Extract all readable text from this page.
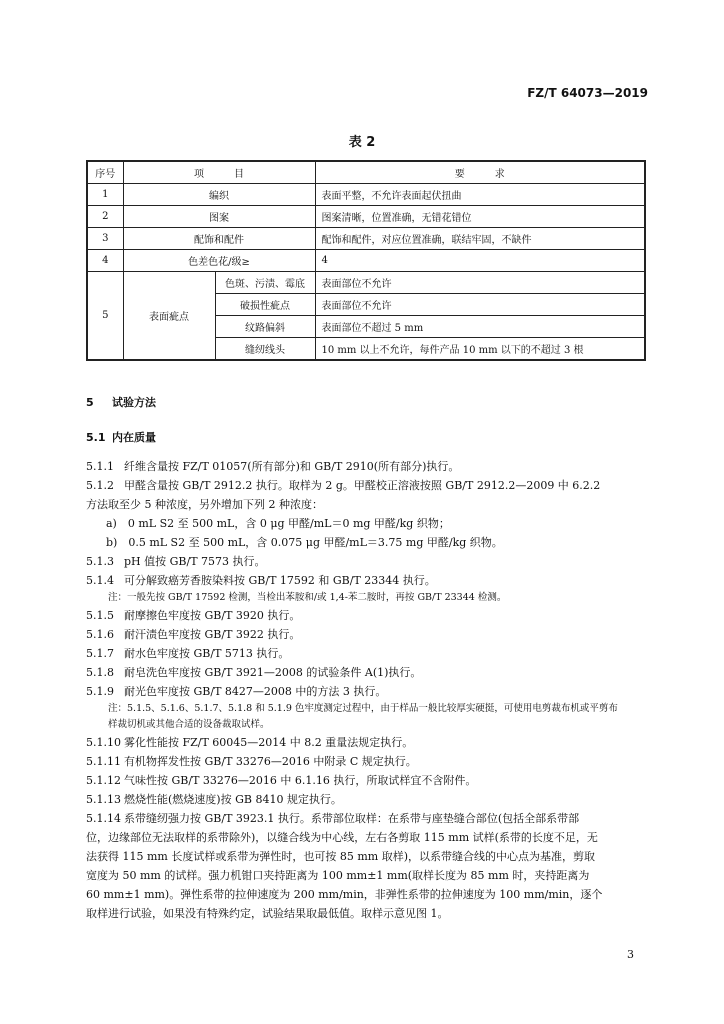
FZ/T 64073—2019
表 2
序号	项　　　目		要　　　求
1	编织		表面平整，不允许表面起伏扭曲
2	图案		图案清晰，位置准确，无错花错位
3	配饰和配件		配饰和配件，对应位置准确，联结牢固，不缺件
4	色差色花/级≥		4
5	表面疵点	色斑、污渍、霉底	表面部位不允许
		破损性疵点	表面部位不允许
		纹路偏斜	表面部位不超过 5 mm
		缝纫线头	10 mm 以上不允许，每件产品 10 mm 以下的不超过 3 根

5 试验方法

5.1 内在质量

5.1.1 纤维含量按 FZ/T 01057(所有部分)和 GB/T 2910(所有部分)执行。

5.1.2 甲醛含量按 GB/T 2912.2 执行。取样为 2 g。甲醛校正溶液按照 GB/T 2912.2—2009 中 6.2.2

方法取至少 5 种浓度，另外增加下列 2 种浓度：

a)　0 mL S2 至 500 mL，含 0 μg 甲醛/mL＝0 mg 甲醛/kg 织物；

b)　0.5 mL S2 至 500 mL，含 0.075 μg 甲醛/mL＝3.75 mg 甲醛/kg 织物。

5.1.3 pH 值按 GB/T 7573 执行。

5.1.4 可分解致癌芳香胺染料按 GB/T 17592 和 GB/T 23344 执行。

注：一般先按 GB/T 17592 检测，当检出苯胺和/或 1,4-苯二胺时，再按 GB/T 23344 检测。

5.1.5 耐摩擦色牢度按 GB/T 3920 执行。

5.1.6 耐汗渍色牢度按 GB/T 3922 执行。

5.1.7 耐水色牢度按 GB/T 5713 执行。

5.1.8 耐皂洗色牢度按 GB/T 3921—2008 的试验条件 A(1)执行。

5.1.9 耐光色牢度按 GB/T 8427—2008 中的方法 3 执行。

注：5.1.5、5.1.6、5.1.7、5.1.8 和 5.1.9 色牢度测定过程中，由于样品一般比较厚实硬挺，可使用电剪裁布机或平剪布

样裁切机或其他合适的设备裁取试样。

5.1.10 雾化性能按 FZ/T 60045—2014 中 8.2 重量法规定执行。

5.1.11 有机物挥发性按 GB/T 33276—2016 中附录 C 规定执行。

5.1.12 气味性按 GB/T 33276—2016 中 6.1.16 执行，所取试样宜不含附件。

5.1.13 燃烧性能(燃烧速度)按 GB 8410 规定执行。

5.1.14 系带缝纫强力按 GB/T 3923.1 执行。系带部位取样：在系带与座垫缝合部位(包括全部系带部

位，边缘部位无法取样的系带除外)，以缝合线为中心线，左右各剪取 115 mm 试样(系带的长度不足，无

法获得 115 mm 长度试样或系带为弹性时，也可按 85 mm 取样)，以系带缝合线的中心点为基准，剪取

宽度为 50 mm 的试样。强力机钳口夹持距离为 100 mm±1 mm(取样长度为 85 mm 时，夹持距离为

60 mm±1 mm)。弹性系带的拉伸速度为 200 mm/min，非弹性系带的拉伸速度为 100 mm/min，逐个

取样进行试验，如果没有特殊约定，试验结果取最低值。取样示意见图 1。

3
